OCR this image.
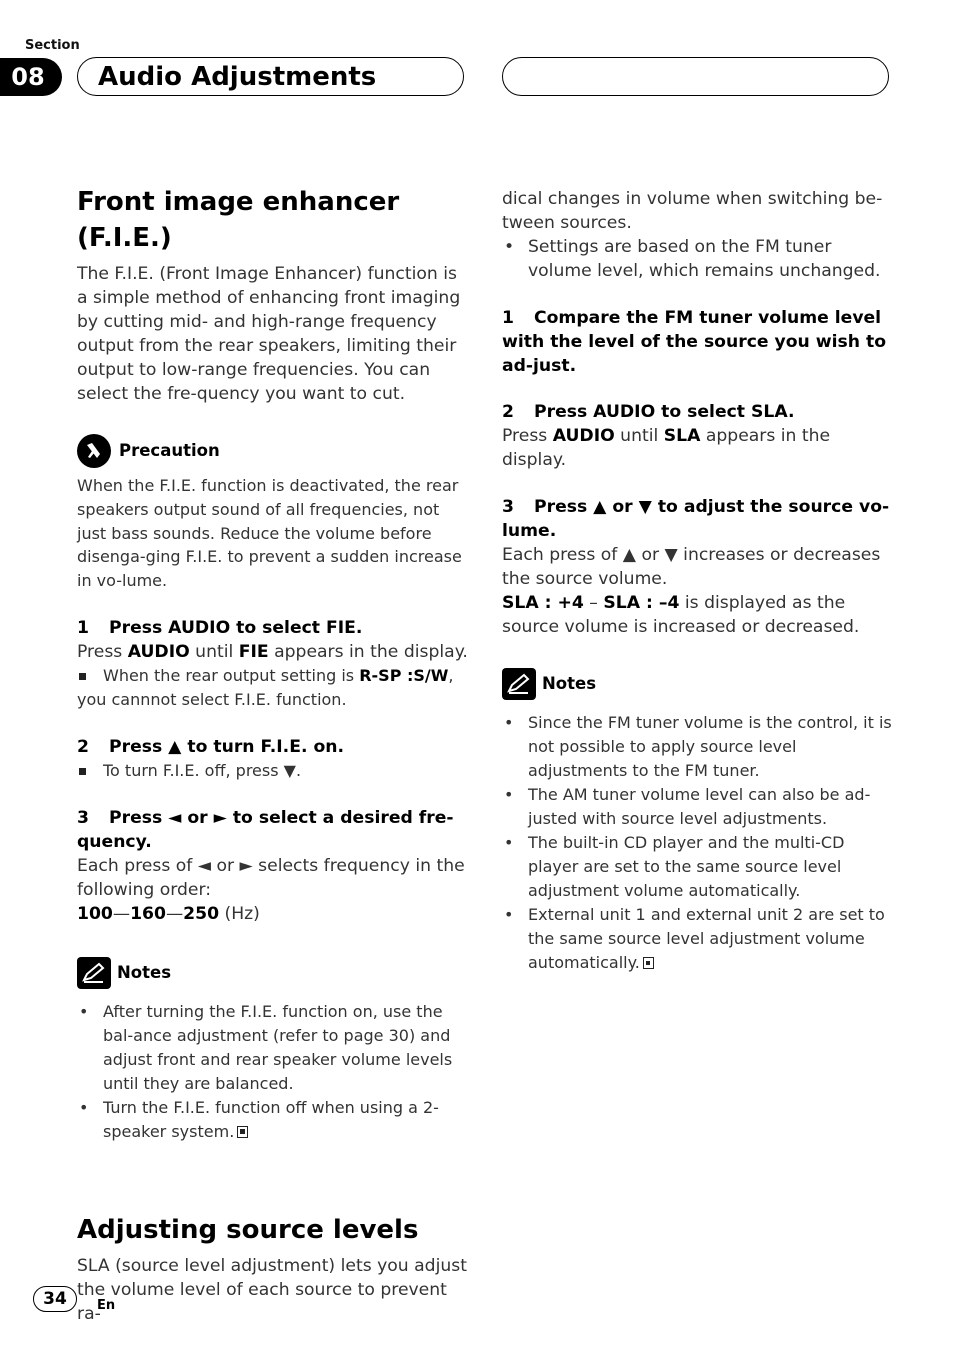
Section
08	Audio Adjustments
Front image enhancer (F.I.E.)

The F.I.E. (Front Image Enhancer) function is a simple method of enhancing front imaging by cutting mid- and high-range frequency output from the rear speakers, limiting their output to low-range frequencies. You can select the fre-quency you want to cut.

Precaution

When the F.I.E. function is deactivated, the rear speakers output sound of all frequencies, not just bass sounds. Reduce the volume before disenga-ging F.I.E. to prevent a sudden increase in vo-lume.

1 Press AUDIO to select FIE.

Press AUDIO until FIE appears in the display.

When the rear output setting is R-SP :S/W,
you cannnot select F.I.E. function.

2 Press ▲ to turn F.I.E. on.

To turn F.I.E. off, press ▼.

3 Press ◄ or ► to select a desired fre-quency.

Each press of ◄ or ► selects frequency in the following order:

100—160—250 (Hz)

Notes
• After turning the F.I.E. function on, use the bal-ance adjustment (refer to page 30) and adjust front and rear speaker volume levels until they are balanced.
• Turn the F.I.E. function off when using a 2-speaker system.
Adjusting source levels

SLA (source level adjustment) lets you adjust the volume level of each source to prevent ra-

dical changes in volume when switching be-tween sources.

• Settings are based on the FM tuner volume level, which remains unchanged.

1 Compare the FM tuner volume level with the level of the source you wish to ad-just.

2 Press AUDIO to select SLA.

Press AUDIO until SLA appears in the display.

3 Press ▲ or ▼ to adjust the source vo-lume.

Each press of ▲ or ▼ increases or decreases the source volume.

SLA : +4 – SLA : –4 is displayed as the source volume is increased or decreased.

Notes
• Since the FM tuner volume is the control, it is not possible to apply source level adjustments to the FM tuner.
• The AM tuner volume level can also be ad-justed with source level adjustments.
• The built-in CD player and the multi-CD player are set to the same source level adjustment volume automatically.
• External unit 1 and external unit 2 are set to the same source level adjustment volume automatically.
34	En
